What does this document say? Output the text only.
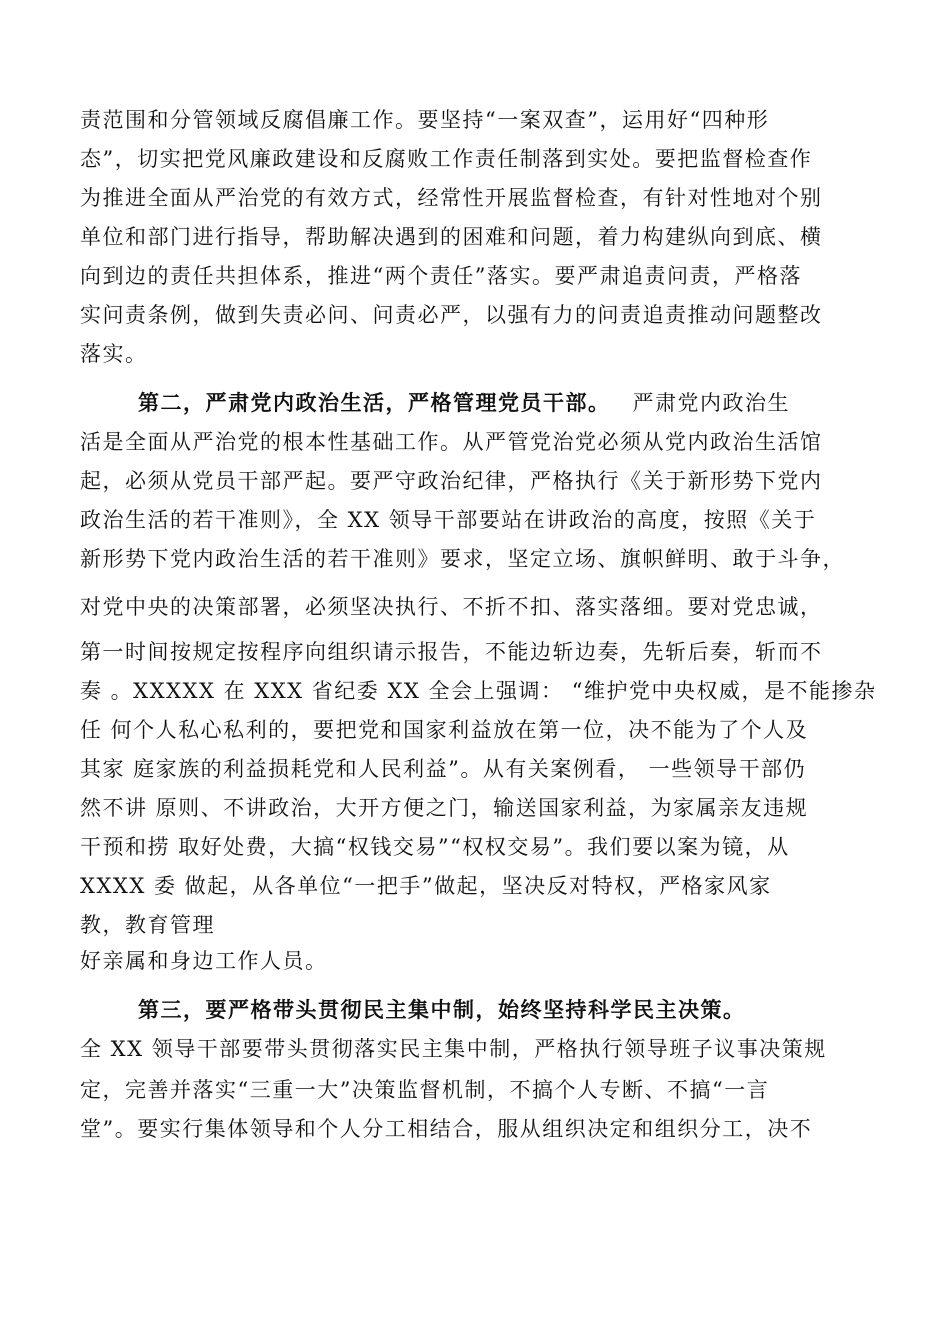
责范围和分管领域反腐倡廉工作。要坚持“一案双查”，运用好“四种形
态”，切实把党风廉政建设和反腐败工作责任制落到实处。要把监督检查作
为推进全面从严治党的有效方式，经常性开展监督检查，有针对性地对个别
单位和部门进行指导，帮助解决遇到的困难和问题，着力构建纵向到底、横
向到边的责任共担体系，推进“两个责任”落实。要严肃追责问责，严格落
实问责条例，做到失责必问、问责必严，以强有力的问责追责推动问题整改
落实。
第二，严肃党内政治生活，严格管理党员干部。 严肃党内政治生
活是全面从严治党的根本性基础工作。从严管党治党必须从党内政治生活馆
起，必须从党员干部严起。要严守政治纪律，严格执行《关于新形势下党内
政治生活的若干准则》，全 XX 领导干部要站在讲政治的高度，按照《关于
新形势下党内政治生活的若干准则》要求，坚定立场、旗帜鲜明、敢于斗争，
对党中央的决策部署，必须坚决执行、不折不扣、落实落细。要对党忠诚，
第一时间按规定按程序向组织请示报告，不能边斩边奏，先斩后奏，斩而不
奏 。XXXXX 在 XXX 省纪委 XX 全会上强调： “维护党中央权威，是不能掺杂
任 何个人私心私利的，要把党和国家利益放在第一位，决不能为了个人及
其家 庭家族的利益损耗党和人民利益”。从有关案例看， 一些领导干部仍
然不讲 原则、不讲政治，大开方便之门，输送国家利益，为家属亲友违规
干预和捞 取好处费，大搞“权钱交易”“权权交易”。我们要以案为镜，从
XXXX 委 做起，从各单位“一把手”做起，坚决反对特权，严格家风家
教，教育管理
好亲属和身边工作人员。
第三，要严格带头贯彻民主集中制，始终坚持科学民主决策。
全 XX 领导干部要带头贯彻落实民主集中制，严格执行领导班子议事决策规
定，完善并落实“三重一大”决策监督机制，不搞个人专断、不搞“一言
堂”。要实行集体领导和个人分工相结合，服从组织决定和组织分工，决不
